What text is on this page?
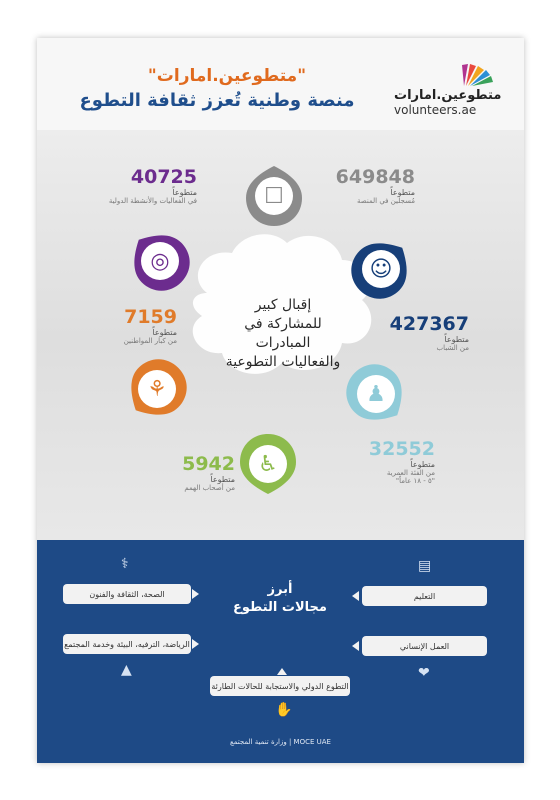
"متطوعين.امارات"
منصة وطنية تُعزز ثقافة التطوع	متطوعين.امارات
volunteers.ae
إقبال كبير
للمشاركة في المبادرات
والفعاليات التطوعية
☐
◎	☺
⚘	♟
♿
649848
متطوعاً
مُسجلين في المنصة
40725
متطوعاً
في الفعاليات والأنشطة الدولية
427367
متطوعاً
من الشباب
7159
متطوعاً
من كبار المواطنين
32552
متطوعاً
من الفئة العمرية
"٥ - ١٨ عاماً"
5942
متطوعاً
من أصحاب الهمم
أبرز
مجالات التطوع
▤
التعليم
⚕
الصحة، الثقافة والفنون
العمل الإنساني
❤
الرياضة، الترفيه، البيئة وخدمة المجتمع
▲
التطوع الدولي والاستجابة للحالات الطارئة
✋
MOCE UAE | وزارة تنمية المجتمع
